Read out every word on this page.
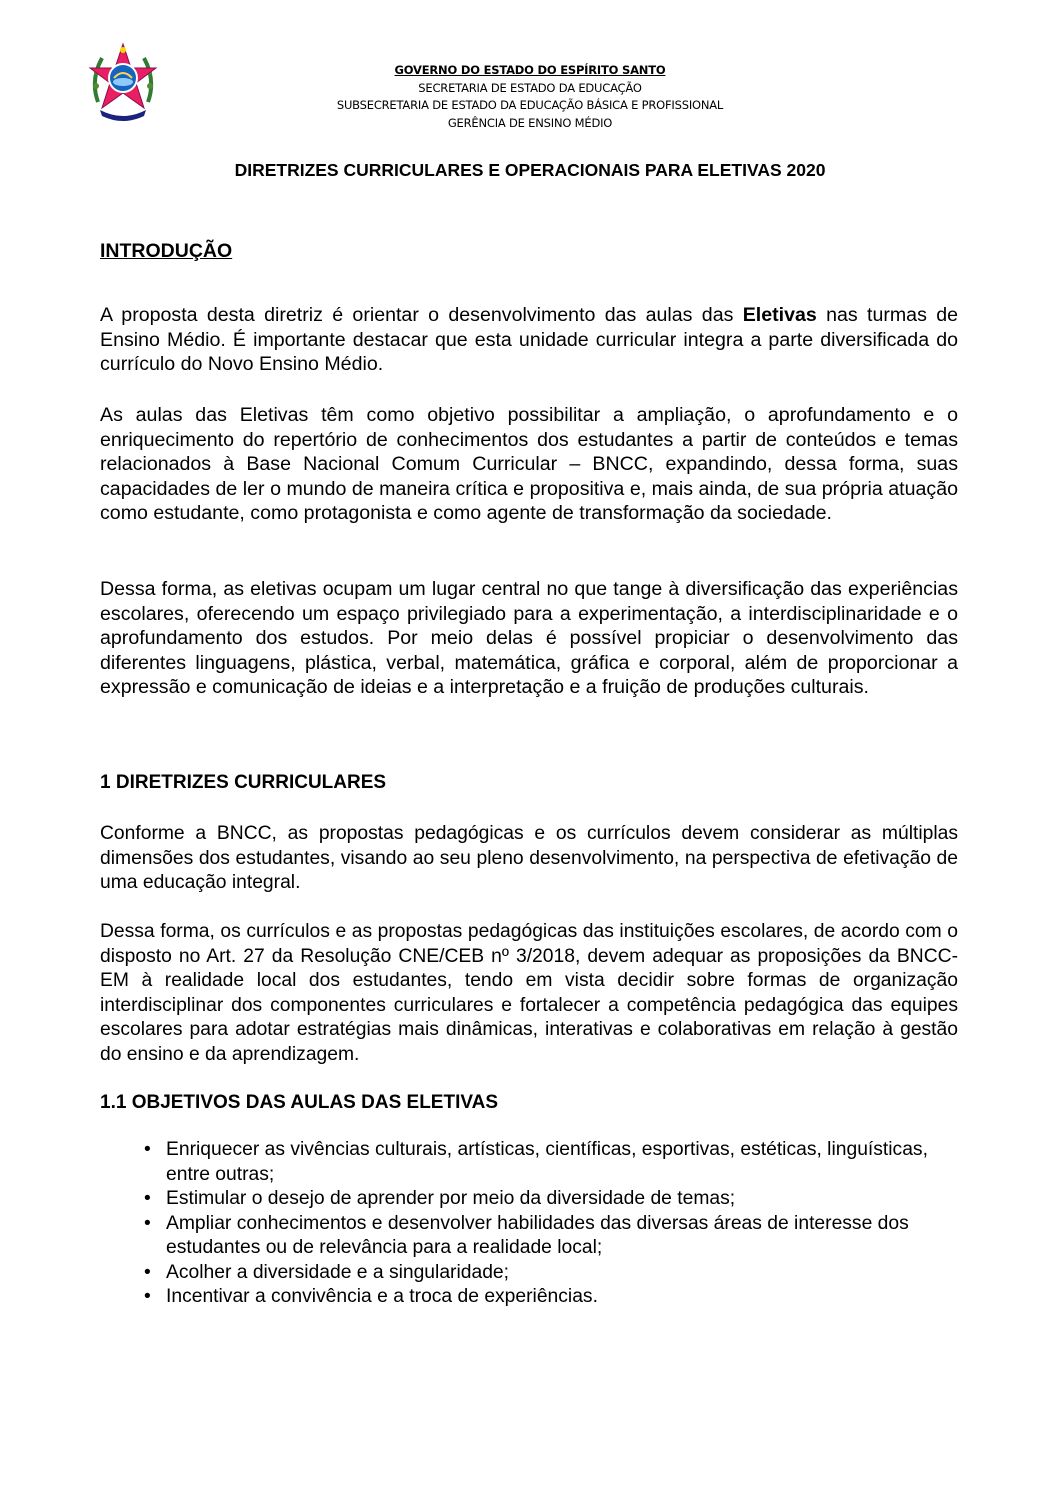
GOVERNO DO ESTADO DO ESPÍRITO SANTO
SECRETARIA DE ESTADO DA EDUCAÇÃO
SUBSECRETARIA DE ESTADO DA EDUCAÇÃO BÁSICA E PROFISSIONAL
GERÊNCIA DE ENSINO MÉDIO
DIRETRIZES CURRICULARES E OPERACIONAIS PARA ELETIVAS 2020
INTRODUÇÃO
A proposta desta diretriz é orientar o desenvolvimento das aulas das Eletivas nas turmas de Ensino Médio. É importante destacar que esta unidade curricular integra a parte diversificada do currículo do Novo Ensino Médio.
As aulas das Eletivas têm como objetivo possibilitar a ampliação, o aprofundamento e o enriquecimento do repertório de conhecimentos dos estudantes a partir de conteúdos e temas relacionados à Base Nacional Comum Curricular – BNCC, expandindo, dessa forma, suas capacidades de ler o mundo de maneira crítica e propositiva e, mais ainda, de sua própria atuação como estudante, como protagonista e como agente de transformação da sociedade.
Dessa forma, as eletivas ocupam um lugar central no que tange à diversificação das experiências escolares, oferecendo um espaço privilegiado para a experimentação, a interdisciplinaridade e o aprofundamento dos estudos. Por meio delas é possível propiciar o desenvolvimento das diferentes linguagens, plástica, verbal, matemática, gráfica e corporal, além de proporcionar a expressão e comunicação de ideias e a interpretação e a fruição de produções culturais.
1 DIRETRIZES CURRICULARES
Conforme a BNCC, as propostas pedagógicas e os currículos devem considerar as múltiplas dimensões dos estudantes, visando ao seu pleno desenvolvimento, na perspectiva de efetivação de uma educação integral.
Dessa forma, os currículos e as propostas pedagógicas das instituições escolares, de acordo com o disposto no Art. 27 da Resolução CNE/CEB nº 3/2018, devem adequar as proposições da BNCC-EM à realidade local dos estudantes, tendo em vista decidir sobre formas de organização interdisciplinar dos componentes curriculares e fortalecer a competência pedagógica das equipes escolares para adotar estratégias mais dinâmicas, interativas e colaborativas em relação à gestão do ensino e da aprendizagem.
1.1 OBJETIVOS DAS AULAS DAS ELETIVAS
• Enriquecer as vivências culturais, artísticas, científicas, esportivas, estéticas, linguísticas, entre outras;
• Estimular o desejo de aprender por meio da diversidade de temas;
• Ampliar conhecimentos e desenvolver habilidades das diversas áreas de interesse dos estudantes ou de relevância para a realidade local;
• Acolher a diversidade e a singularidade;
• Incentivar a convivência e a troca de experiências.
